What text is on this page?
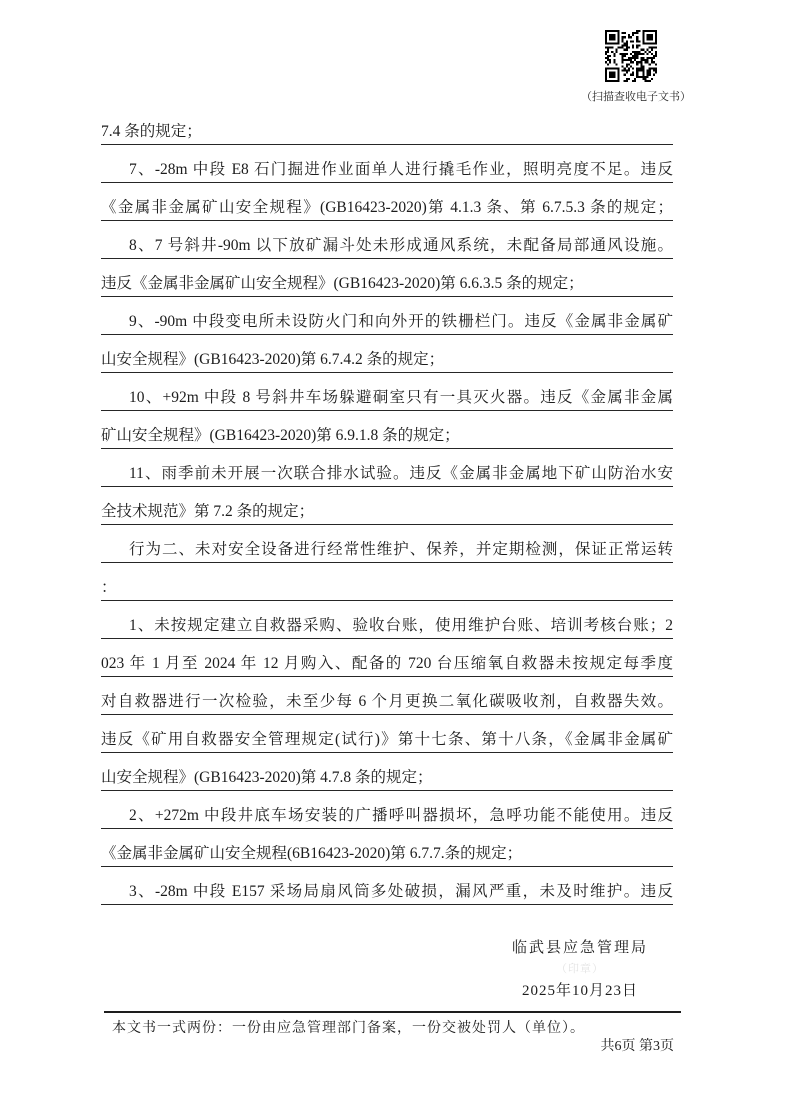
（扫描查收电子文书）
7.4 条的规定；
7、-28m 中段 E8 石门掘进作业面单人进行撬毛作业，照明亮度不足。违反
《金属非金属矿山安全规程》(GB16423-2020)第 4.1.3 条、第 6.7.5.3 条的规定；
8、7 号斜井-90m 以下放矿漏斗处未形成通风系统，未配备局部通风设施。
违反《金属非金属矿山安全规程》(GB16423-2020)第 6.6.3.5 条的规定；
9、-90m 中段变电所未设防火门和向外开的铁栅栏门。违反《金属非金属矿
山安全规程》(GB16423-2020)第 6.7.4.2 条的规定；
10、+92m 中段 8 号斜井车场躲避硐室只有一具灭火器。违反《金属非金属
矿山安全规程》(GB16423-2020)第 6.9.1.8 条的规定；
11、雨季前未开展一次联合排水试验。违反《金属非金属地下矿山防治水安
全技术规范》第 7.2 条的规定；
行为二、未对安全设备进行经常性维护、保养，并定期检测，保证正常运转
：
1、未按规定建立自救器采购、验收台账，使用维护台账、培训考核台账；2
023 年 1 月至 2024 年 12 月购入、配备的 720 台压缩氧自救器未按规定每季度
对自救器进行一次检验，未至少每 6 个月更换二氧化碳吸收剂，自救器失效。
违反《矿用自救器安全管理规定(试行)》第十七条、第十八条，《金属非金属矿
山安全规程》(GB16423-2020)第 4.7.8 条的规定；
2、+272m 中段井底车场安装的广播呼叫器损坏，急呼功能不能使用。违反
《金属非金属矿山安全规程(6B16423-2020)第 6.7.7.条的规定；
3、-28m 中段 E157 采场局扇风筒多处破损，漏风严重，未及时维护。违反
临武县应急管理局
（印章）
2025年10月23日
本文书一式两份：一份由应急管理部门备案，一份交被处罚人（单位）。
共6页 第3页
